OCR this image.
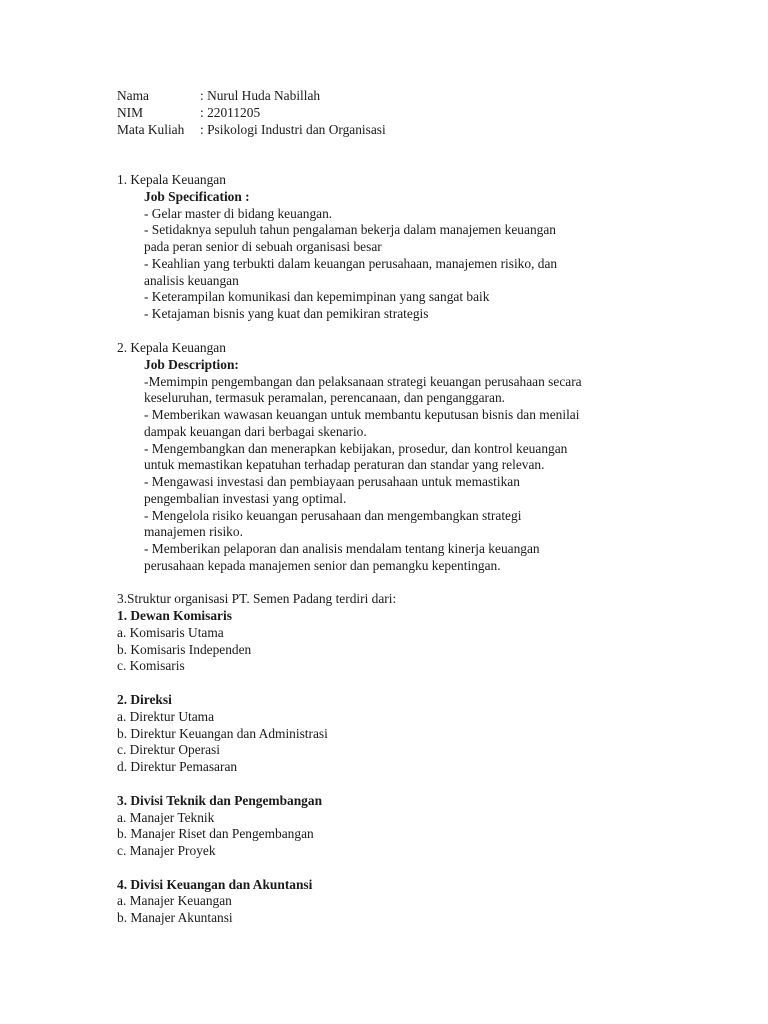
Nama	: Nurul Huda Nabillah
NIM	: 22011205
Mata Kuliah : Psikologi Industri dan Organisasi
1. Kepala Keuangan
Job Specification :
- Gelar master di bidang keuangan.
- Setidaknya sepuluh tahun pengalaman bekerja dalam manajemen keuangan
pada peran senior di sebuah organisasi besar
- Keahlian yang terbukti dalam keuangan perusahaan, manajemen risiko, dan
analisis keuangan
- Keterampilan komunikasi dan kepemimpinan yang sangat baik
- Ketajaman bisnis yang kuat dan pemikiran strategis
2. Kepala Keuangan
Job Description:
-Memimpin pengembangan dan pelaksanaan strategi keuangan perusahaan secara
keseluruhan, termasuk peramalan, perencanaan, dan penganggaran.
- Memberikan wawasan keuangan untuk membantu keputusan bisnis dan menilai
dampak keuangan dari berbagai skenario.
- Mengembangkan dan menerapkan kebijakan, prosedur, dan kontrol keuangan
untuk memastikan kepatuhan terhadap peraturan dan standar yang relevan.
- Mengawasi investasi dan pembiayaan perusahaan untuk memastikan
pengembalian investasi yang optimal.
- Mengelola risiko keuangan perusahaan dan mengembangkan strategi
manajemen risiko.
- Memberikan pelaporan dan analisis mendalam tentang kinerja keuangan
perusahaan kepada manajemen senior dan pemangku kepentingan.
3.Struktur organisasi PT. Semen Padang terdiri dari:
1. Dewan Komisaris
a. Komisaris Utama
b. Komisaris Independen
c. Komisaris
2. Direksi
a. Direktur Utama
b. Direktur Keuangan dan Administrasi
c. Direktur Operasi
d. Direktur Pemasaran
3. Divisi Teknik dan Pengembangan
a. Manajer Teknik
b. Manajer Riset dan Pengembangan
c. Manajer Proyek
4. Divisi Keuangan dan Akuntansi
a. Manajer Keuangan
b. Manajer Akuntansi
